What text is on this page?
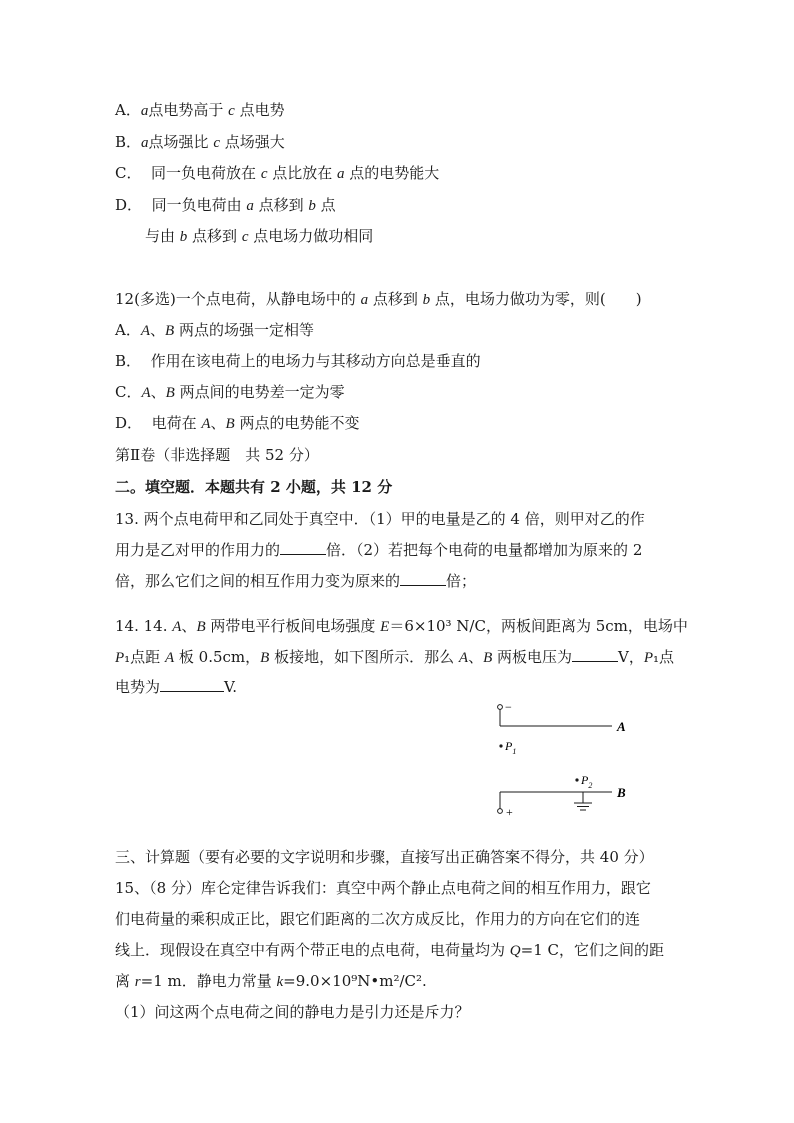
A．a点电势高于 c 点电势
B．a点场强比 c 点场强大
C． 同一负电荷放在 c 点比放在 a 点的电势能大
D． 同一负电荷由 a 点移到 b 点
与由 b 点移到 c 点电场力做功相同
12(多选)一个点电荷，从静电场中的 a 点移到 b 点，电场力做功为零，则(　　)
A．A、B 两点的场强一定相等
B． 作用在该电荷上的电场力与其移动方向总是垂直的
C．A、B 两点间的电势差一定为零
D． 电荷在 A、B 两点的电势能不变
第Ⅱ卷（非选择题　共 52 分）
二。填空题．本题共有 2 小题，共 12 分
13. 两个点电荷甲和乙同处于真空中．（1）甲的电量是乙的 4 倍，则甲对乙的作
用力是乙对甲的作用力的	倍．（2）若把每个电荷的电量都增加为原来的 2
倍，那么它们之间的相互作用力变为原来的	倍；
14. 14. A、B 两带电平行板间电场强度 E＝6×10³ N/C，两板间距离为 5cm，电场中
P₁点距 A 板 0.5cm，B 板接地，如下图所示．那么 A、B 两板电压为	V，P₁点
电势为	V.
−
A
$P_1$
$P_2$ B
+
三、计算题（要有必要的文字说明和步骤，直接写出正确答案不得分，共 40 分）
15、（8 分）库仑定律告诉我们：真空中两个静止点电荷之间的相互作用力，跟它
们电荷量的乘积成正比，跟它们距离的二次方成反比，作用力的方向在它们的连
线上．现假设在真空中有两个带正电的点电荷，电荷量均为 Q=1 C，它们之间的距
离 r=1 m．静电力常量 k=9.0×10⁹N•m²/C².
（1）问这两个点电荷之间的静电力是引力还是斥力？
